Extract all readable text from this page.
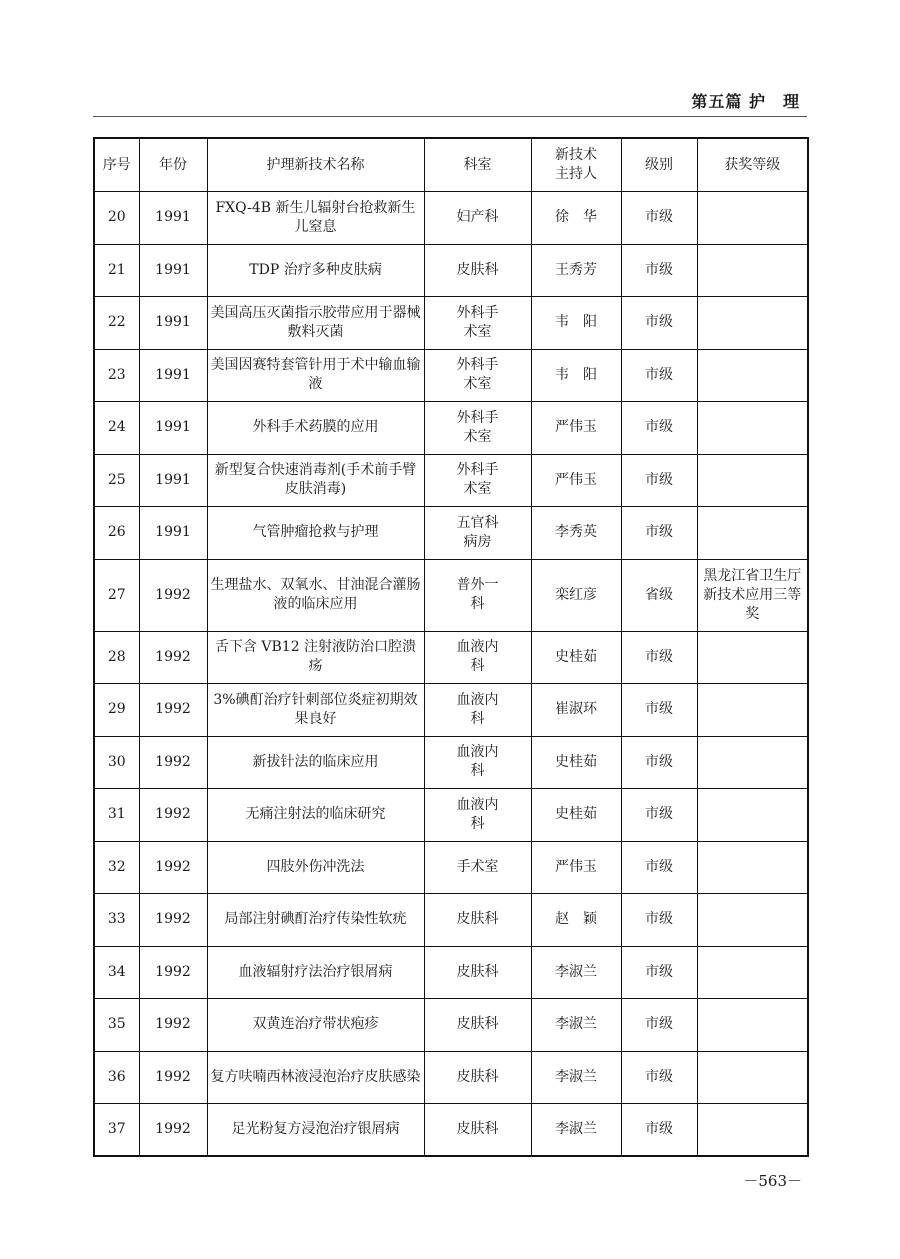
第五篇 护　理
序号	年份	护理新技术名称	科室	新技术主持人	级别	获奖等级
20	1991	FXQ-4B 新生儿辐射台抢救新生儿窒息	妇产科	徐　华	市级	
21	1991	TDP 治疗多种皮肤病	皮肤科	王秀芳	市级	
22	1991	美国高压灭菌指示胶带应用于器械敷料灭菌	外科手术室	韦　阳	市级	
23	1991	美国因赛特套管针用于术中输血输液	外科手术室	韦　阳	市级	
24	1991	外科手术药膜的应用	外科手术室	严伟玉	市级	
25	1991	新型复合快速消毒剂(手术前手臂皮肤消毒)	外科手术室	严伟玉	市级	
26	1991	气管肿瘤抢救与护理	五官科病房	李秀英	市级	
27	1992	生理盐水、双氧水、甘油混合灌肠液的临床应用	普外一科	栾红彦	省级	黑龙江省卫生厅新技术应用三等奖
28	1992	舌下含 VB12 注射液防治口腔溃疡	血液内科	史桂茹	市级	
29	1992	3%碘酊治疗针刺部位炎症初期效果良好	血液内科	崔淑环	市级	
30	1992	新拔针法的临床应用	血液内科	史桂茹	市级	
31	1992	无痛注射法的临床研究	血液内科	史桂茹	市级	
32	1992	四肢外伤冲洗法	手术室	严伟玉	市级	
33	1992	局部注射碘酊治疗传染性软疣	皮肤科	赵　颖	市级	
34	1992	血液辐射疗法治疗银屑病	皮肤科	李淑兰	市级	
35	1992	双黄连治疗带状疱疹	皮肤科	李淑兰	市级	
36	1992	复方呋喃西林液浸泡治疗皮肤感染	皮肤科	李淑兰	市级	
37	1992	足光粉复方浸泡治疗银屑病	皮肤科	李淑兰	市级	
－563－
